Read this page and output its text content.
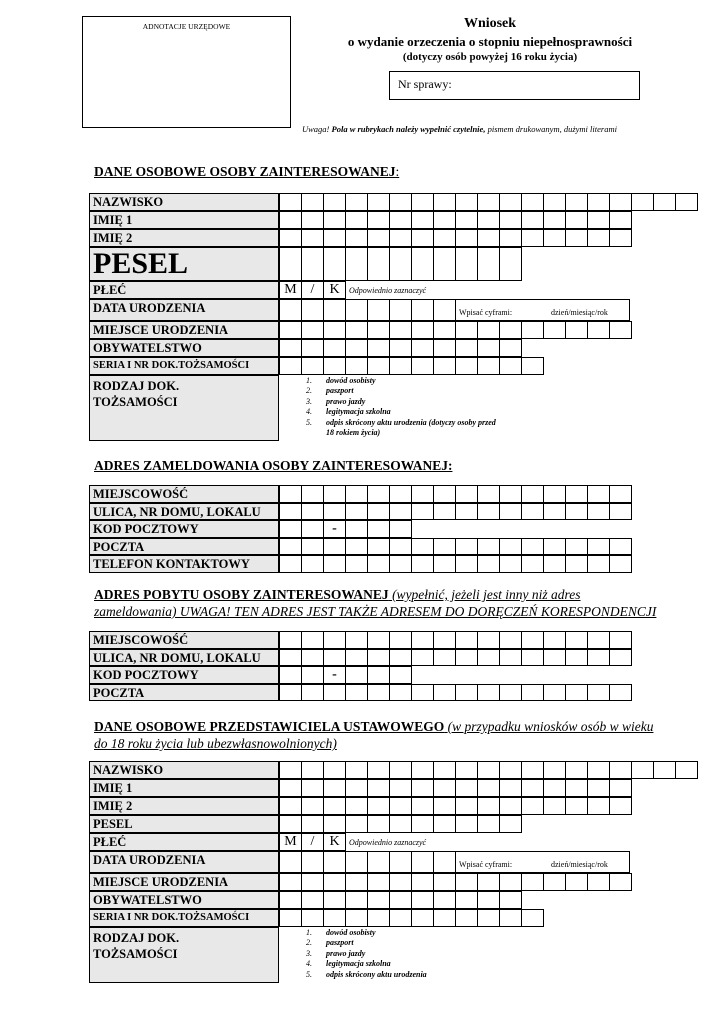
ADNOTACJE URZĘDOWE	Wniosek
o wydanie orzeczenia o stopniu niepełnosprawności
(dotyczy osób powyżej 16 roku życia)
Nr sprawy:
Uwaga! Pola w rubrykach należy wypełnić czytelnie, pismem drukowanym, dużymi literami
DANE OSOBOWE OSOBY ZAINTERESOWANEJ:
NAZWISKO
IMIĘ 1
IMIĘ 2
PESEL
PŁEĆ	M /	K	Odpowiednio zaznaczyć
DATA URODZENIA	Wpisać cyframi:	dzień/miesiąc/rok
MIEJSCE URODZENIA
OBYWATELSTWO
SERIA I NR DOK.TOŻSAMOŚCI
RODZAJ DOK.
TOŻSAMOŚCI
1. dowód osobisty
2. paszport
3. prawo jazdy
4. legitymacja szkolna
5. odpis skrócony aktu urodzenia (dotyczy osoby przed
18 rokiem życia)
ADRES ZAMELDOWANIA OSOBY ZAINTERESOWANEJ:
MIEJSCOWOŚĆ
ULICA, NR DOMU, LOKALU
KOD POCZTOWY	-
POCZTA
TELEFON KONTAKTOWY
ADRES POBYTU OSOBY ZAINTERESOWANEJ (wypełnić, jeżeli jest inny niż adres
zameldowania) UWAGA! TEN ADRES JEST TAKŻE ADRESEM DO DORĘCZEŃ KORESPONDENCJI
MIEJSCOWOŚĆ
ULICA, NR DOMU, LOKALU
KOD POCZTOWY	-
POCZTA
DANE OSOBOWE PRZEDSTAWICIELA USTAWOWEGO (w przypadku wniosków osób w wieku
do 18 roku życia lub ubezwłasnowolnionych)
NAZWISKO
IMIĘ 1
IMIĘ 2
PESEL
PŁEĆ	M /	K	Odpowiednio zaznaczyć
DATA URODZENIA	Wpisać cyframi:	dzień/miesiąc/rok
MIEJSCE URODZENIA
OBYWATELSTWO
SERIA I NR DOK.TOŻSAMOŚCI
RODZAJ DOK.
TOŻSAMOŚCI
1. dowód osobisty
2. paszport
3. prawo jazdy
4. legitymacja szkolna
5. odpis skrócony aktu urodzenia
